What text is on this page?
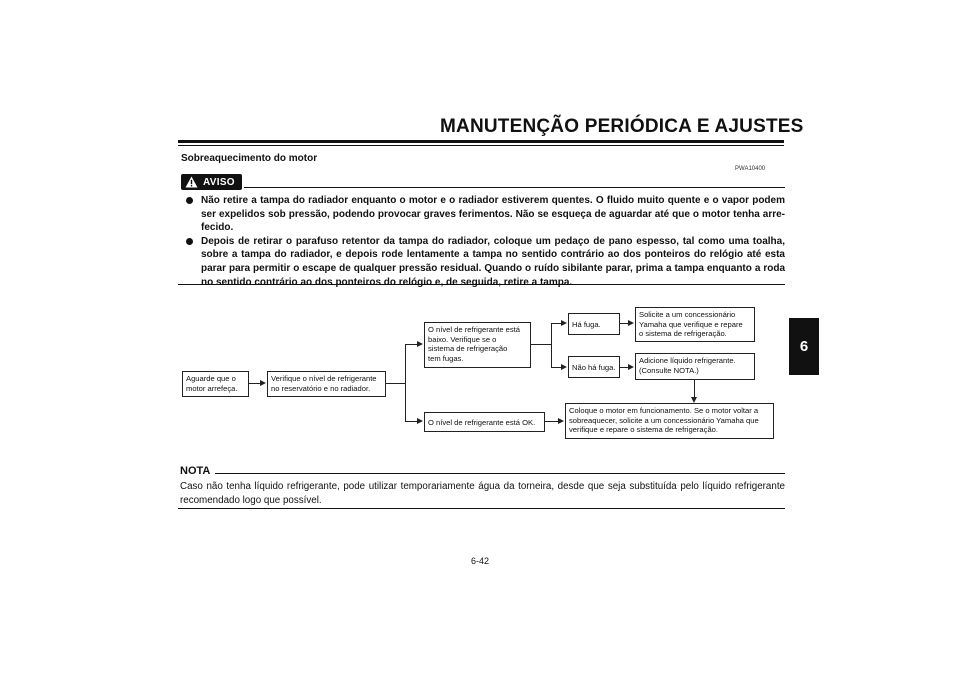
MANUTENÇÃO PERIÓDICA E AJUSTES
6
Sobreaquecimento do motor
PWA10400
AVISO
Não retire a tampa do radiador enquanto o motor e o radiador estiverem quentes. O fluido muito quente e o vapor podem ser expelidos sob pressão, podendo provocar graves ferimentos. Não se esqueça de aguardar até que o motor tenha arre-fecido.
Depois de retirar o parafuso retentor da tampa do radiador, coloque um pedaço de pano espesso, tal como uma toalha, sobre a tampa do radiador, e depois rode lentamente a tampa no sentido contrário ao dos ponteiros do relógio até esta parar para permitir o escape de qualquer pressão residual. Quando o ruído sibilante parar, prima a tampa enquanto a roda no sentido contrário ao dos ponteiros do relógio e, de seguida, retire a tampa.
Aguarde que o
motor arrefeça.
Verifique o nível de refrigerante
no reservatório e no radiador.
O nível de refrigerante está
baixo. Verifique se o
sistema de refrigeração
tem fugas.
O nível de refrigerante está OK.
Há fuga.
Não há fuga.
Solicite a um concessionário
Yamaha que verifique e repare
o sistema de refrigeração.
Adicione líquido refrigerante.
(Consulte NOTA.)
Coloque o motor em funcionamento. Se o motor voltar a
sobreaquecer, solicite a um concessionário Yamaha que
verifique e repare o sistema de refrigeração.
NOTA
Caso não tenha líquido refrigerante, pode utilizar temporariamente água da torneira, desde que seja substituída pelo líquido refrigerante recomendado logo que possível.
6-42
